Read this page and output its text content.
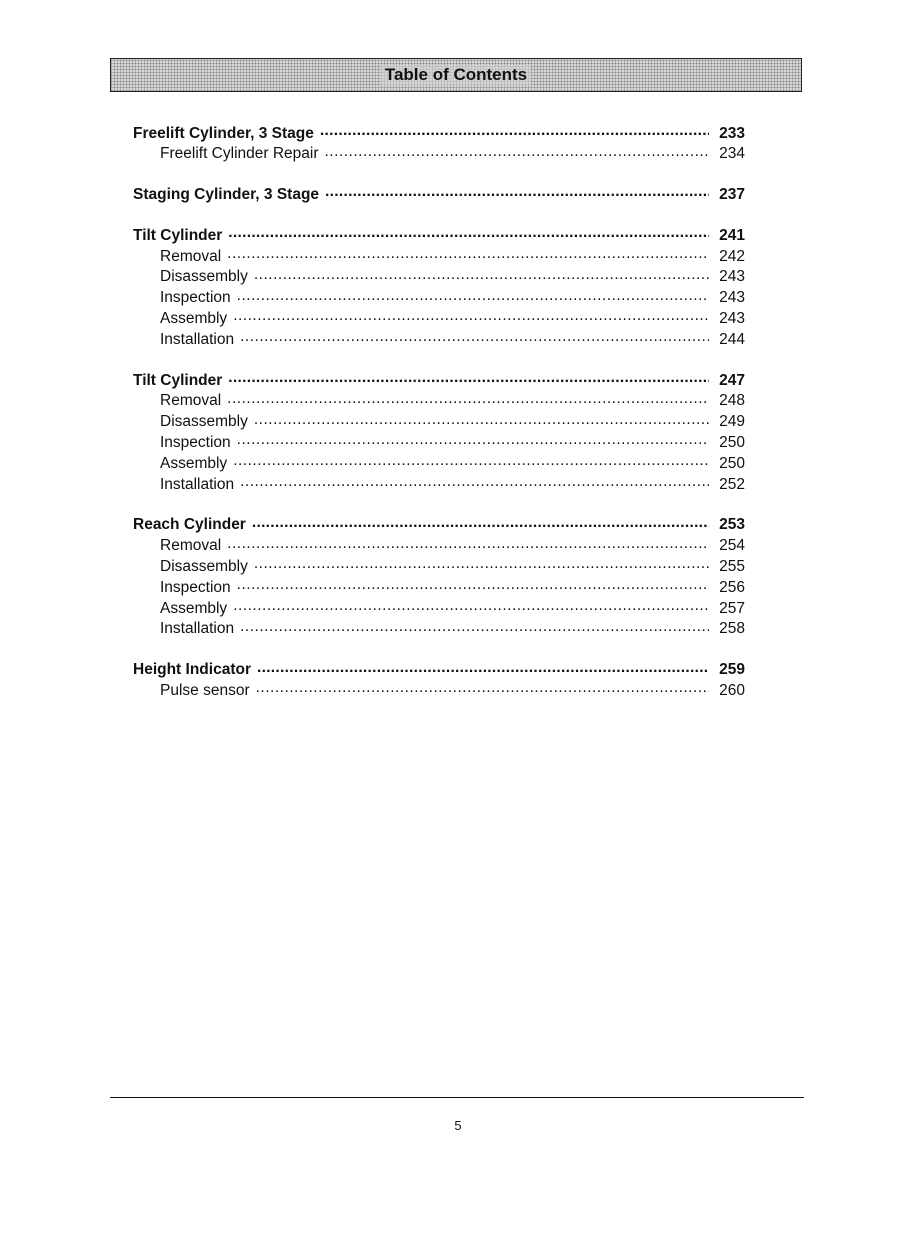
Table of Contents
Freelift Cylinder, 3 Stage .....	233
Freelift Cylinder Repair .....	234
Staging Cylinder, 3 Stage .....	237
Tilt Cylinder .....	241
Removal .....	242
Disassembly .....	243
Inspection .....	243
Assembly .....	243
Installation .....	244
Tilt Cylinder .....	247
Removal .....	248
Disassembly .....	249
Inspection .....	250
Assembly .....	250
Installation .....	252
Reach Cylinder .....	253
Removal .....	254
Disassembly .....	255
Inspection .....	256
Assembly .....	257
Installation .....	258
Height Indicator .....	259
Pulse sensor .....	260
5
